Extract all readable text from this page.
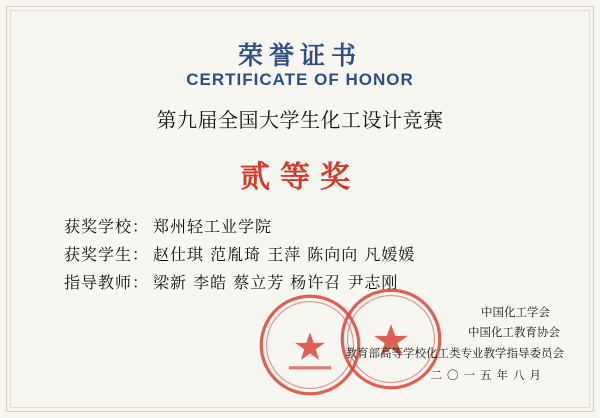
荣誉证书
CERTIFICATE OF HONOR
第九届全国大学生化工设计竞赛
贰等奖
获奖学校： 郑州轻工业学院
获奖学生： 赵仕琪 范胤琦 王萍 陈向向 凡媛媛
指导教师： 梁新 李皓 蔡立芳 杨许召 尹志刚
中国化工学会
中国化工教育协会
教育部高等学校化工类专业教学指导委员会
二〇一五年八月
